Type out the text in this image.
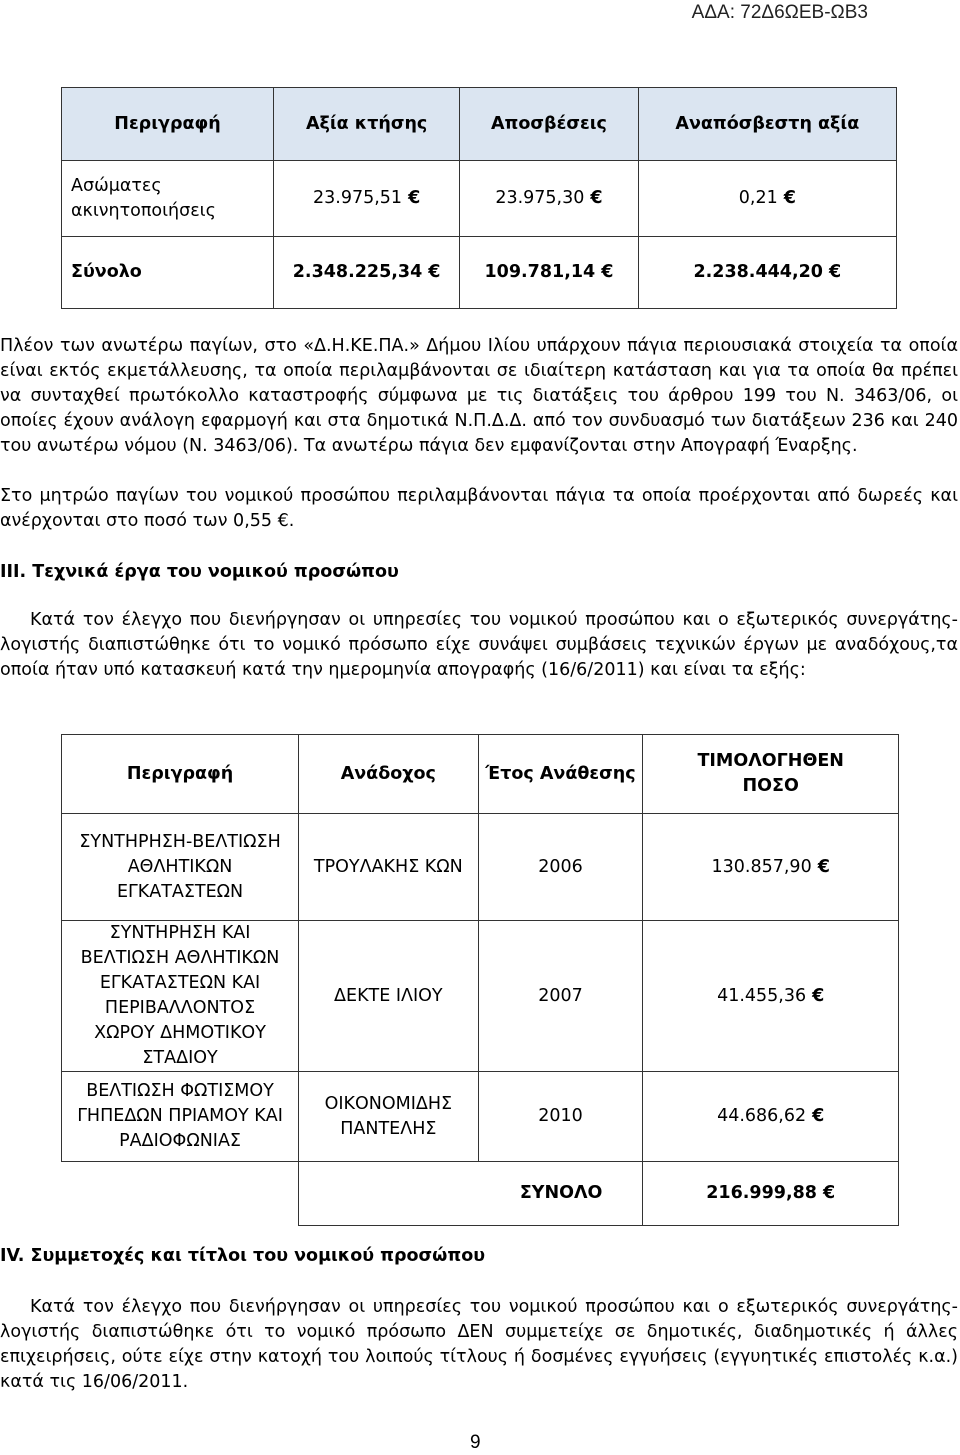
ΑΔΑ: 72Δ6ΩΕΒ-ΩΒ3
Περιγραφή	Αξία κτήσης	Αποσβέσεις	Αναπόσβεστη αξία
Ασώματες ακινητοποιήσεις	23.975,51 €	23.975,30 €	0,21 €
Σύνολο	2.348.225,34 €	109.781,14 €	2.238.444,20 €

Πλέον των ανωτέρω παγίων, στο «Δ.Η.ΚΕ.ΠΑ.» Δήμου Ιλίου υπάρχουν πάγια περιουσιακά στοιχεία τα οποία είναι εκτός εκμετάλλευσης, τα οποία περιλαμβάνονται σε ιδιαίτερη κατάσταση και για τα οποία θα πρέπει να συνταχθεί πρωτόκολλο καταστροφής σύμφωνα με τις διατάξεις του άρθρου 199 του Ν. 3463/06, οι οποίες έχουν ανάλογη εφαρμογή και στα δημοτικά Ν.Π.Δ.Δ. από τον συνδυασμό των διατάξεων 236 και 240 του ανωτέρω νόμου (Ν. 3463/06). Τα ανωτέρω πάγια δεν εμφανίζονται στην Απογραφή Έναρξης.

Στο μητρώο παγίων του νομικού προσώπου περιλαμβάνονται πάγια τα οποία προέρχονται από δωρεές και ανέρχονται στο ποσό των 0,55 €.

ΙΙΙ. Τεχνικά έργα του νομικού προσώπου

Κατά τον έλεγχο που διενήργησαν οι υπηρεσίες του νομικού προσώπου και ο εξωτερικός συνεργάτης-λογιστής διαπιστώθηκε ότι το νομικό πρόσωπο είχε συνάψει συμβάσεις τεχνικών έργων με αναδόχους,τα οποία ήταν υπό κατασκευή κατά την ημερομηνία απογραφής (16/6/2011) και είναι τα εξής:

Περιγραφή	Ανάδοχος	Έτος Ανάθεσης	ΤΙΜΟΛΟΓΗΘΕΝ ΠΟΣΟ
ΣΥΝΤΗΡΗΣΗ-ΒΕΛΤΙΩΣΗ ΑΘΛΗΤΙΚΩΝ ΕΓΚΑΤΑΣΤΕΩΝ	ΤΡΟΥΛΑΚΗΣ ΚΩΝ	2006	130.857,90 €
ΣΥΝΤΗΡΗΣΗ ΚΑΙ ΒΕΛΤΙΩΣΗ ΑΘΛΗΤΙΚΩΝ ΕΓΚΑΤΑΣΤΕΩΝ ΚΑΙ ΠΕΡΙΒΑΛΛΟΝΤΟΣ ΧΩΡΟΥ ΔΗΜΟΤΙΚΟΥ ΣΤΑΔΙΟΥ	ΔΕΚΤΕ ΙΛΙΟΥ	2007	41.455,36 €
ΒΕΛΤΙΩΣΗ ΦΩΤΙΣΜΟΥ ΓΗΠΕΔΩΝ ΠΡΙΑΜΟΥ ΚΑΙ ΡΑΔΙΟΦΩΝΙΑΣ	ΟΙΚΟΝΟΜΙΔΗΣ ΠΑΝΤΕΛΗΣ	2010	44.686,62 €
	ΣΥΝΟΛΟ		216.999,88 €
ΙV. Συμμετοχές και τίτλοι του νομικού προσώπου

Κατά τον έλεγχο που διενήργησαν οι υπηρεσίες του νομικού προσώπου και ο εξωτερικός συνεργάτης-λογιστής διαπιστώθηκε ότι το νομικό πρόσωπο ΔΕΝ συμμετείχε σε δημοτικές, διαδημοτικές ή άλλες επιχειρήσεις, ούτε είχε στην κατοχή του λοιπούς τίτλους ή δοσμένες εγγυήσεις (εγγυητικές επιστολές κ.α.) κατά τις 16/06/2011.

9
